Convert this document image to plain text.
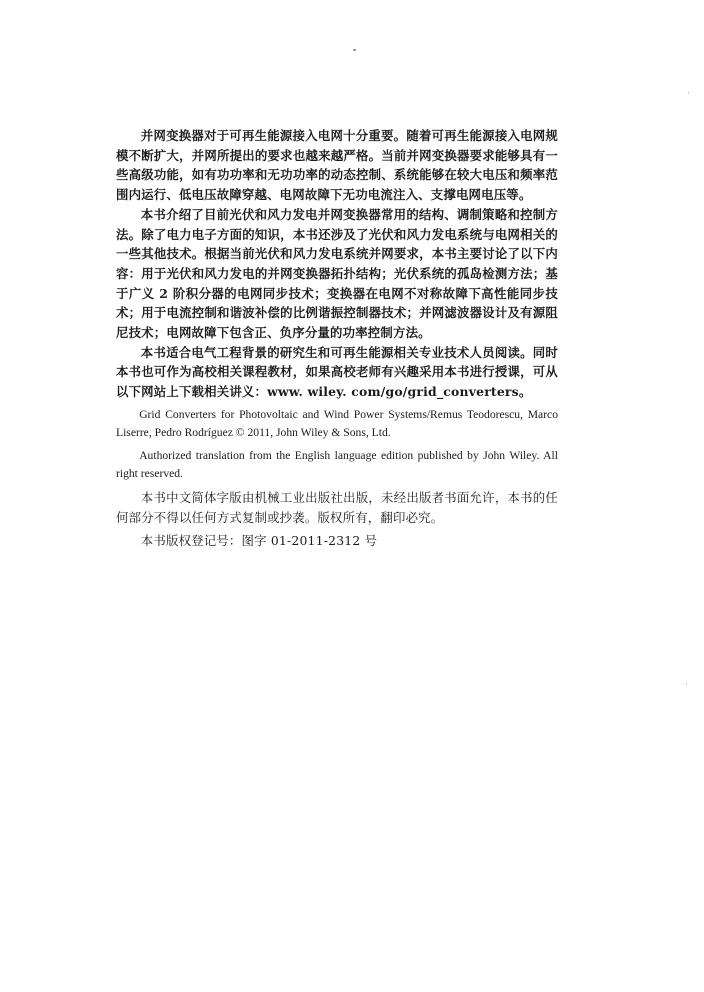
并网变换器对于可再生能源接入电网十分重要。随着可再生能源接入电网规模不断扩大，并网所提出的要求也越来越严格。当前并网变换器要求能够具有一些高级功能，如有功功率和无功功率的动态控制、系统能够在较大电压和频率范围内运行、低电压故障穿越、电网故障下无功电流注入、支撑电网电压等。

本书介绍了目前光伏和风力发电并网变换器常用的结构、调制策略和控制方法。除了电力电子方面的知识，本书还涉及了光伏和风力发电系统与电网相关的一些其他技术。根据当前光伏和风力发电系统并网要求，本书主要讨论了以下内容：用于光伏和风力发电的并网变换器拓扑结构；光伏系统的孤岛检测方法；基于广义 2 阶积分器的电网同步技术；变换器在电网不对称故障下高性能同步技术；用于电流控制和谐波补偿的比例谐振控制器技术；并网滤波器设计及有源阻尼技术；电网故障下包含正、负序分量的功率控制方法。

本书适合电气工程背景的研究生和可再生能源相关专业技术人员阅读。同时本书也可作为高校相关课程教材，如果高校老师有兴趣采用本书进行授课，可从以下网站上下载相关讲义：www. wiley. com/go/grid_converters。

Grid Converters for Photovoltaic and Wind Power Systems/Remus Teodorescu, Marco Liserre, Pedro Rodríguez © 2011, John Wiley & Sons, Ltd.

Authorized translation from the English language edition published by John Wiley. All right reserved.

本书中文简体字版由机械工业出版社出版，未经出版者书面允许，本书的任何部分不得以任何方式复制或抄袭。版权所有，翻印必究。

本书版权登记号：图字 01-2011-2312 号
